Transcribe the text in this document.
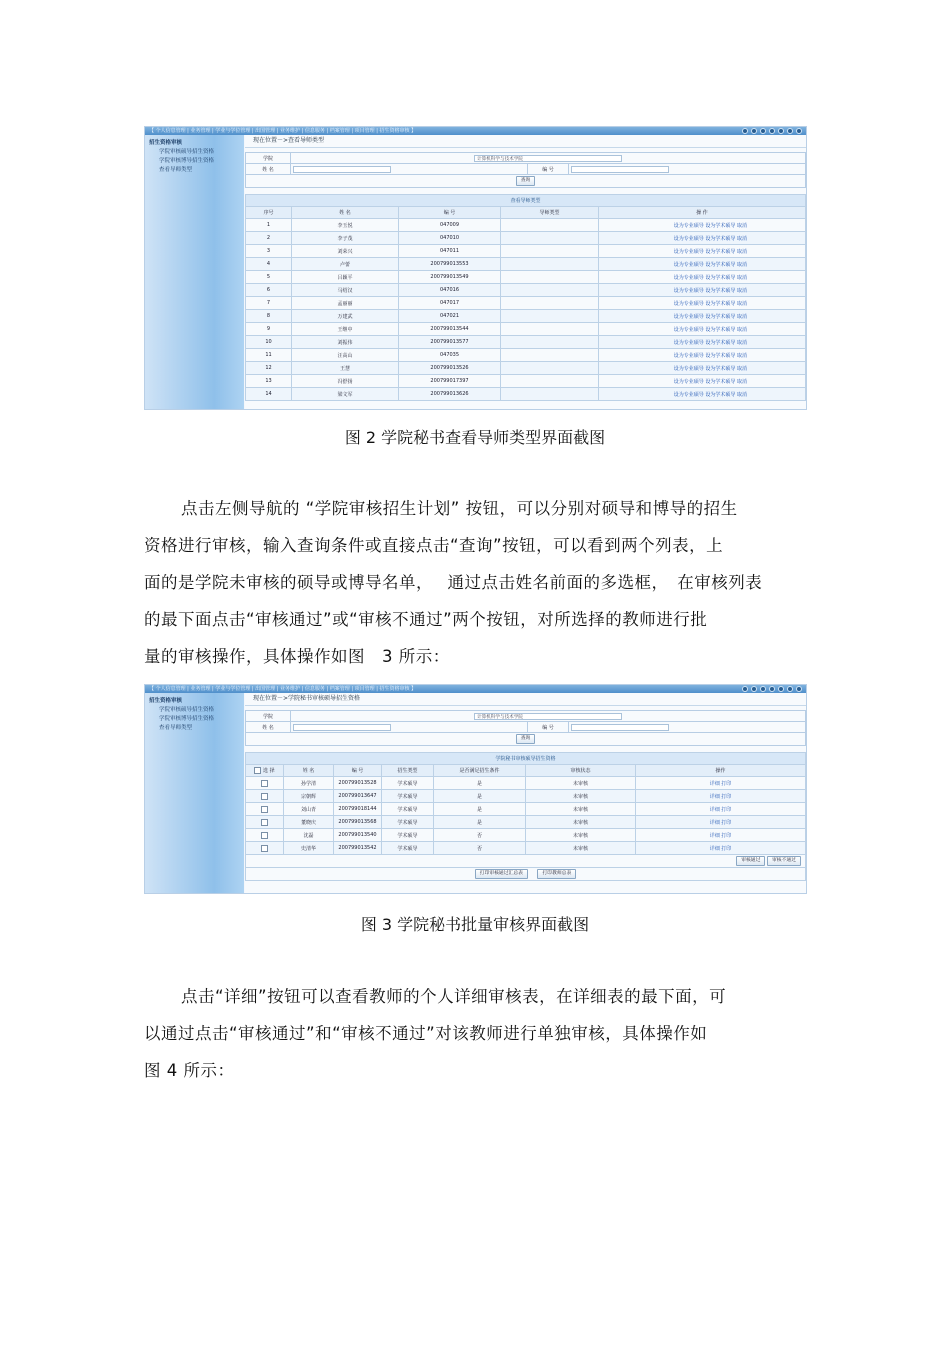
【 个人信息管理 | 业务管理 | 学业与学位管理 | 出国管理 | 业务维护 | 信息服务 | 档案管理 | 项目管理 | 招生资格审核 】
招生资格审核
学院审核硕导招生资格
学院审核博导招生资格
查看导师类型
现在位置－>查看导师类型
学院	计算机科学与技术学院		
姓 名		编 号	
查询			
查看导师类型				
序号	姓 名	编 号	导师类型	操 作
1	李玉悦	047009		设为专业硕导 设为学术硕导 取消
2	李子茂	047010		设为专业硕导 设为学术硕导 取消
3	刘荣兴	047011		设为专业硕导 设为学术硕导 取消
4	卢蕾	200799013553		设为专业硕导 设为学术硕导 取消
5	吕颖平	200799013549		设为专业硕导 设为学术硕导 取消
6	马绍汉	047016		设为专业硕导 设为学术硕导 取消
7	孟丽丽	047017		设为专业硕导 设为学术硕导 取消
8	万建武	047021		设为专业硕导 设为学术硕导 取消
9	王继中	200799013544		设为专业硕导 设为学术硕导 取消
10	刘振伟	200799013577		设为专业硕导 设为学术硕导 取消
11	汪高山	047035		设为专业硕导 设为学术硕导 取消
12	王慧	200799013526		设为专业硕导 设为学术硕导 取消
13	冯舒扬	200799017397		设为专业硕导 设为学术硕导 取消
14	梁文军	200799013626		设为专业硕导 设为学术硕导 取消
图 2 学院秘书查看导师类型界面截图
点击左侧导航的 “学院审核招生计划” 按钮，可以分别对硕导和博导的招生
资格进行审核，输入查询条件或直接点击“查询”按钮，可以看到两个列表，上
面的是学院未审核的硕导或博导名单，　 通过点击姓名前面的多选框，　在审核列表
的最下面点击“审核通过”或“审核不通过”两个按钮，对所选择的教师进行批
量的审核操作，具体操作如图　3 所示：
【 个人信息管理 | 业务管理 | 学业与学位管理 | 出国管理 | 业务维护 | 信息服务 | 档案管理 | 项目管理 | 招生资格审核 】
招生资格审核
学院审核硕导招生资格
学院审核博导招生资格
查看导师类型
现在位置－>学院秘书审核硕导招生资格
学院	计算机科学与技术学院		
姓 名		编 号	
查询			
学院秘书审核硕导招生资格						
选 择	姓 名	编 号	招生类型	是否满足招生条件	审核状态	操作
	孙学清	200799013528	学术硕导	是	未审核	详细 打印
	宗朝辉	200799013647	学术硕导	是	未审核	详细 打印
	刘山青	200799018144	学术硕导	是	未审核	详细 打印
	董晓庆	200799013568	学术硕导	是	未审核	详细 打印
	沈磊	200799013540	学术硕导	否	未审核	详细 打印
	史清华	200799013542	学术硕导	否	未审核	详细 打印
审核通过 审核不通过						
打印审核通过汇总表 打印教师总表						
图 3 学院秘书批量审核界面截图
点击“详细”按钮可以查看教师的个人详细审核表，在详细表的最下面，可
以通过点击“审核通过”和“审核不通过”对该教师进行单独审核，具体操作如
图 4 所示：
